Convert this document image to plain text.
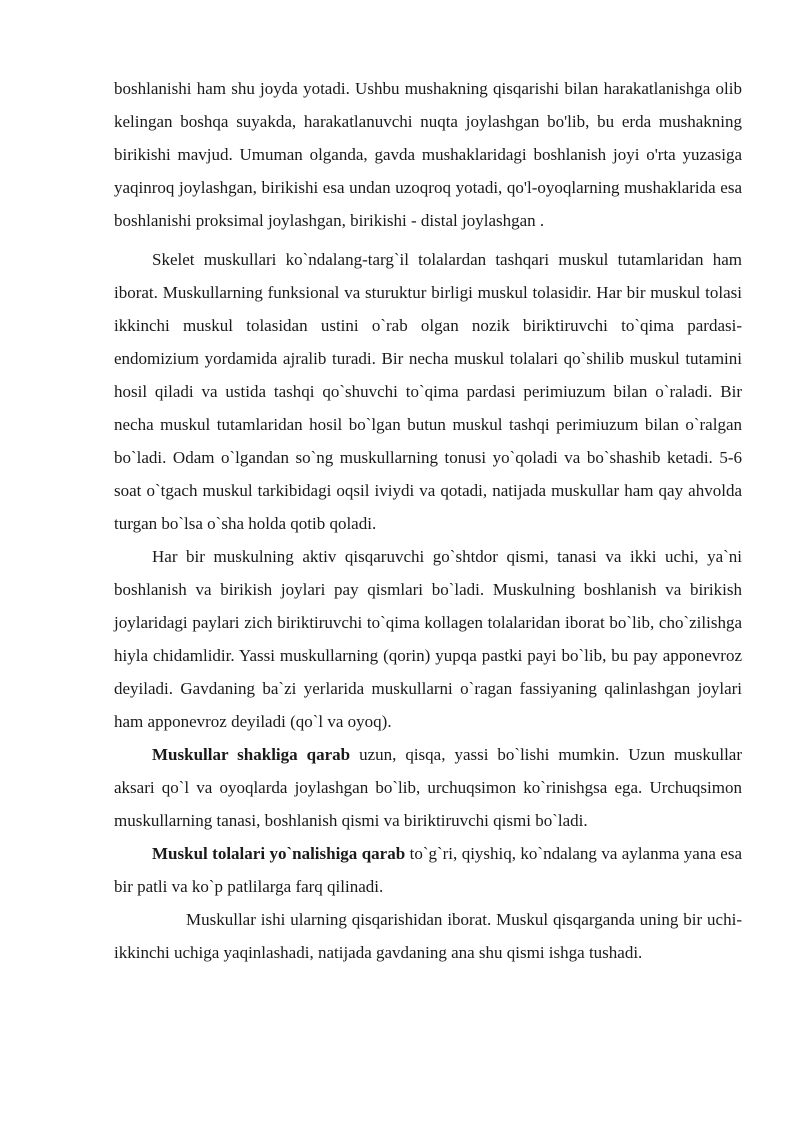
boshlanishi ham shu joyda yotadi. Ushbu mushakning qisqarishi bilan harakatlanishga olib kelingan boshqa suyakda, harakatlanuvchi nuqta joylashgan bo'lib, bu erda mushakning birikishi mavjud. Umuman olganda, gavda mushaklaridagi boshlanish joyi o'rta yuzasiga yaqinroq joylashgan, birikishi esa undan uzoqroq yotadi, qo'l-oyoqlarning mushaklarida esa boshlanishi proksimal joylashgan, birikishi - distal joylashgan .

Skelet muskullari ko`ndalang-targ`il tolalardan tashqari muskul tutamlaridan ham iborat. Muskullarning funksional va sturuktur birligi muskul tolasidir. Har bir muskul tolasi ikkinchi muskul tolasidan ustini o`rab olgan nozik biriktiruvchi to`qima pardasi-endomizium yordamida ajralib turadi. Bir necha muskul tolalari qo`shilib muskul tutamini hosil qiladi va ustida tashqi qo`shuvchi to`qima pardasi perimiuzum bilan o`raladi. Bir necha muskul tutamlaridan hosil bo`lgan butun muskul tashqi perimiuzum bilan o`ralgan bo`ladi. Odam o`lgandan so`ng muskullarning tonusi yo`qoladi va bo`shashib ketadi. 5-6 soat o`tgach muskul tarkibidagi oqsil iviydi va qotadi, natijada muskullar ham qay ahvolda turgan bo`lsa o`sha holda qotib qoladi.

Har bir muskulning aktiv qisqaruvchi go`shtdor qismi, tanasi va ikki uchi, ya`ni boshlanish va birikish joylari pay qismlari bo`ladi. Muskulning boshlanish va birikish joylaridagi paylari zich biriktiruvchi to`qima kollagen tolalaridan iborat bo`lib, cho`zilishga hiyla chidamlidir. Yassi muskullarning (qorin) yupqa pastki payi bo`lib, bu pay apponevroz deyiladi. Gavdaning ba`zi yerlarida muskullarni o`ragan fassiyaning qalinlashgan joylari ham apponevroz deyiladi (qo`l va oyoq).

Muskullar shakliga qarab uzun, qisqa, yassi bo`lishi mumkin. Uzun muskullar aksari qo`l va oyoqlarda joylashgan bo`lib, urchuqsimon ko`rinishgsa ega. Urchuqsimon muskullarning tanasi, boshlanish qismi va biriktiruvchi qismi bo`ladi.

Muskul tolalari yo`nalishiga qarab to`g`ri, qiyshiq, ko`ndalang va aylanma yana esa bir patli va ko`p patlilarga farq qilinadi.

Muskullar ishi ularning qisqarishidan iborat. Muskul qisqarganda uning bir uchi-ikkinchi uchiga yaqinlashadi, natijada gavdaning ana shu qismi ishga tushadi.
